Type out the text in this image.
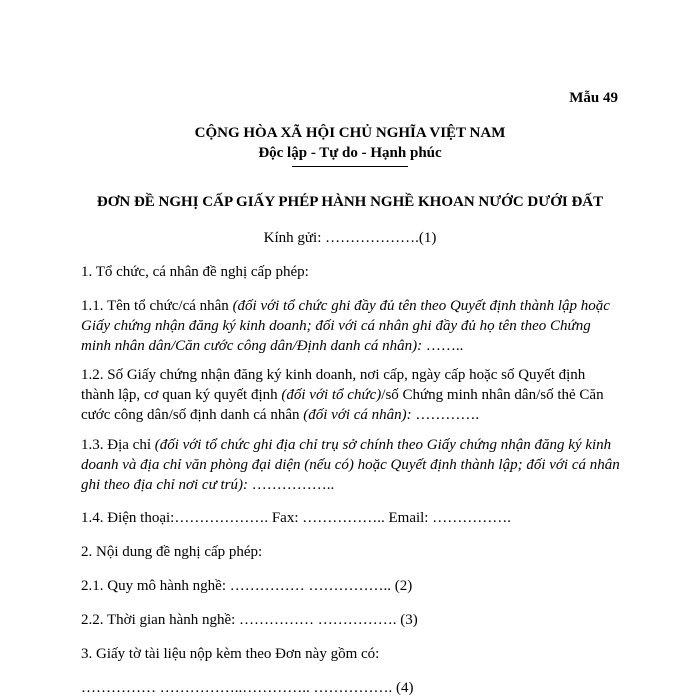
Mẫu 49
CỘNG HÒA XÃ HỘI CHỦ NGHĨA VIỆT NAM
Độc lập - Tự do - Hạnh phúc
ĐƠN ĐỀ NGHỊ CẤP GIẤY PHÉP HÀNH NGHỀ KHOAN NƯỚC DƯỚI ĐẤT
Kính gửi: ……………….(1)
1. Tổ chức, cá nhân đề nghị cấp phép:
1.1. Tên tổ chức/cá nhân (đối với tổ chức ghi đầy đủ tên theo Quyết định thành lập hoặc Giấy chứng nhận đăng ký kinh doanh; đối với cá nhân ghi đầy đủ họ tên theo Chứng minh nhân dân/Căn cước công dân/Định danh cá nhân): ……..
1.2. Số Giấy chứng nhận đăng ký kinh doanh, nơi cấp, ngày cấp hoặc số Quyết định thành lập, cơ quan ký quyết định (đối với tổ chức)/số Chứng minh nhân dân/số thẻ Căn cước công dân/số định danh cá nhân (đối với cá nhân): ………….
1.3. Địa chỉ (đối với tổ chức ghi địa chỉ trụ sở chính theo Giấy chứng nhận đăng ký kinh doanh và địa chỉ văn phòng đại diện (nếu có) hoặc Quyết định thành lập; đối với cá nhân ghi theo địa chỉ nơi cư trú): ……………..
1.4. Điện thoại:………………. Fax: …………….. Email: …………….
2. Nội dung đề nghị cấp phép:
2.1. Quy mô hành nghề: …………… …………….. (2)
2.2. Thời gian hành nghề: …………… ……………. (3)
3. Giấy tờ tài liệu nộp kèm theo Đơn này gồm có:
…………… ……………..………….. ……………. (4)
